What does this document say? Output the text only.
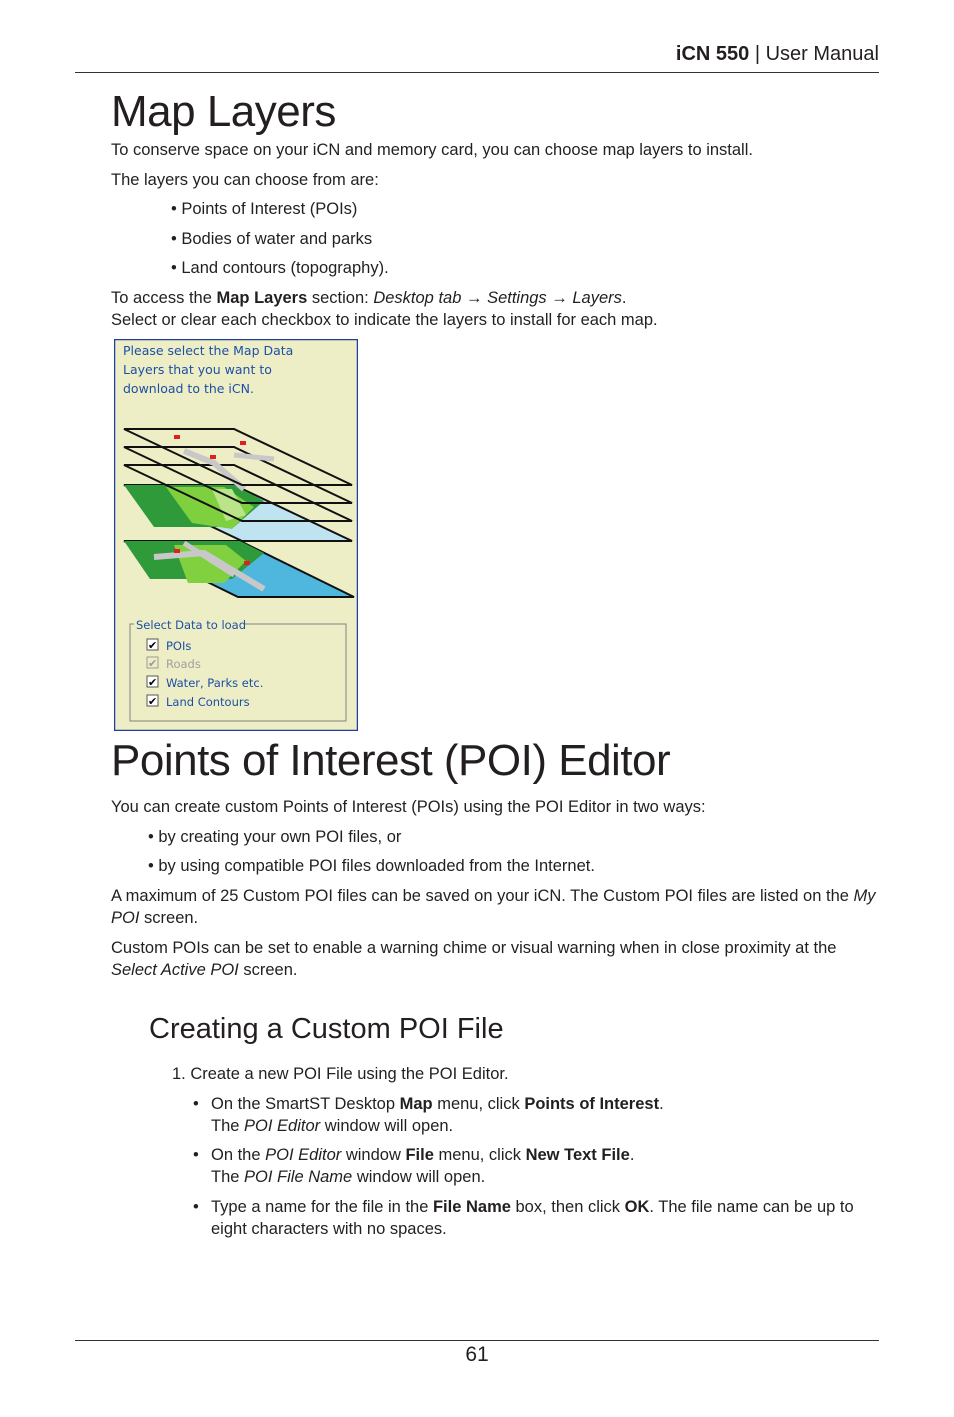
iCN 550 | User Manual
Map Layers
To conserve space on your iCN and memory card, you can choose map layers to install.
The layers you can choose from are:
• Points of Interest (POIs)
• Bodies of water and parks
• Land contours (topography).
To access the Map Layers section: Desktop tab → Settings → Layers.
Select or clear each checkbox to indicate the layers to install for each map.
Please select the Map Data
Layers that you want to
download to the iCN.
Select Data to load
✔ POIs
✔ Roads
✔ Water, Parks etc.
✔ Land Contours
Points of Interest (POI) Editor
You can create custom Points of Interest (POIs) using the POI Editor in two ways:
• by creating your own POI files, or
• by using compatible POI files downloaded from the Internet.
A maximum of 25 Custom POI files can be saved on your iCN. The Custom POI files are listed on the My POI screen.
Custom POIs can be set to enable a warning chime or visual warning when in close proximity at the Select Active POI screen.
Creating a Custom POI File
1. Create a new POI File using the POI Editor.
• On the SmartST Desktop Map menu, click Points of Interest.
The POI Editor window will open.
• On the POI Editor window File menu, click New Text File.
The POI File Name window will open.
• Type a name for the file in the File Name box, then click OK. The file name can be up to eight characters with no spaces.
61
